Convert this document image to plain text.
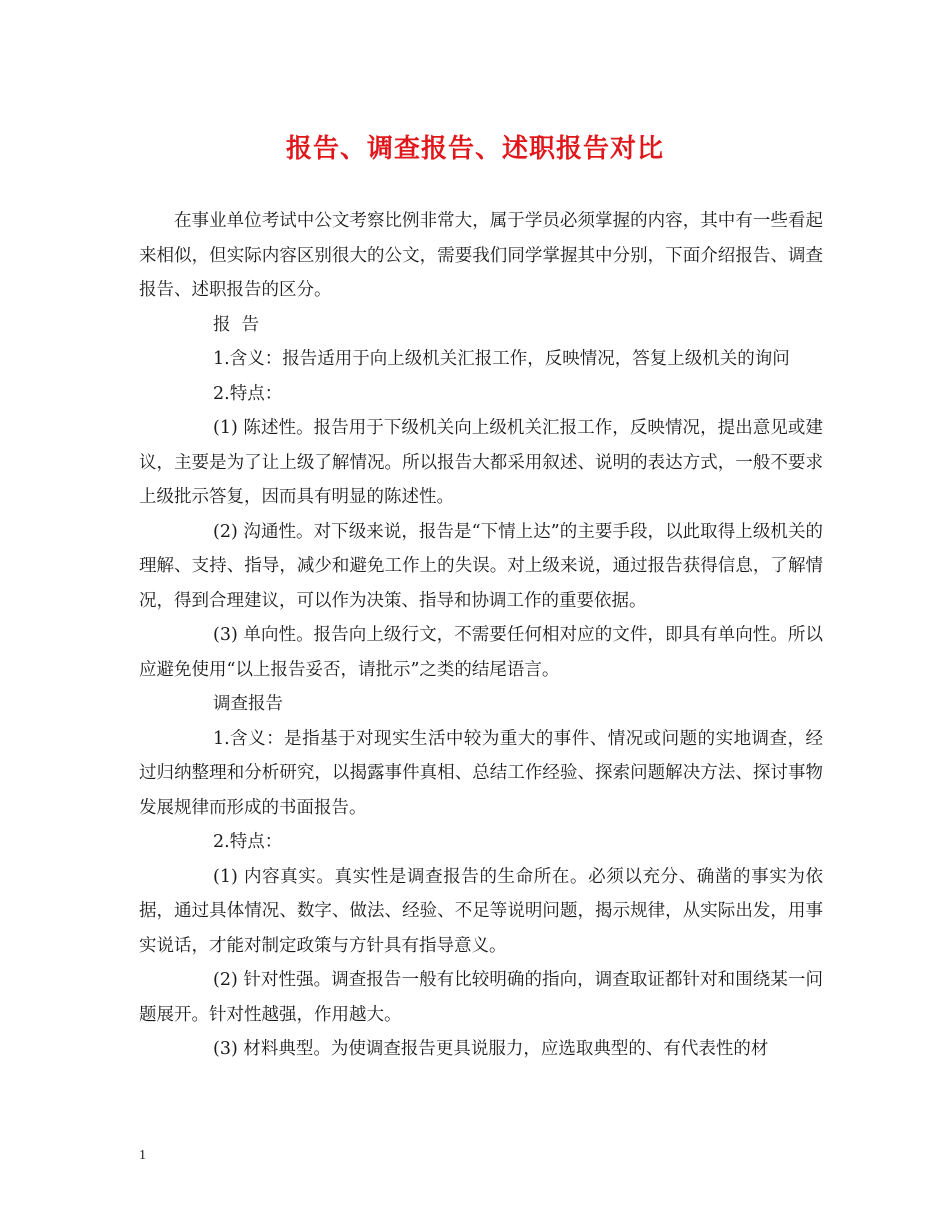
报告、调查报告、述职报告对比

在事业单位考试中公文考察比例非常大，属于学员必须掌握的内容，其中有一些看起来相似，但实际内容区别很大的公文，需要我们同学掌握其中分别，下面介绍报告、调查报告、述职报告的区分。

报  告

1.含义：报告适用于向上级机关汇报工作，反映情况，答复上级机关的询问

2.特点：

(1) 陈述性。报告用于下级机关向上级机关汇报工作，反映情况，提出意见或建议，主要是为了让上级了解情况。所以报告大都采用叙述、说明的表达方式，一般不要求上级批示答复，因而具有明显的陈述性。

(2) 沟通性。对下级来说，报告是“下情上达”的主要手段，以此取得上级机关的理解、支持、指导，减少和避免工作上的失误。对上级来说，通过报告获得信息，了解情况，得到合理建议，可以作为决策、指导和协调工作的重要依据。

(3) 单向性。报告向上级行文，不需要任何相对应的文件，即具有单向性。所以应避免使用“以上报告妥否，请批示”之类的结尾语言。

调查报告

1.含义：是指基于对现实生活中较为重大的事件、情况或问题的实地调查，经过归纳整理和分析研究，以揭露事件真相、总结工作经验、探索问题解决方法、探讨事物发展规律而形成的书面报告。

2.特点：

(1) 内容真实。真实性是调查报告的生命所在。必须以充分、确凿的事实为依据，通过具体情况、数字、做法、经验、不足等说明问题，揭示规律，从实际出发，用事实说话，才能对制定政策与方针具有指导意义。

(2) 针对性强。调查报告一般有比较明确的指向，调查取证都针对和围绕某一问题展开。针对性越强，作用越大。

(3) 材料典型。为使调查报告更具说服力，应选取典型的、有代表性的材

1
